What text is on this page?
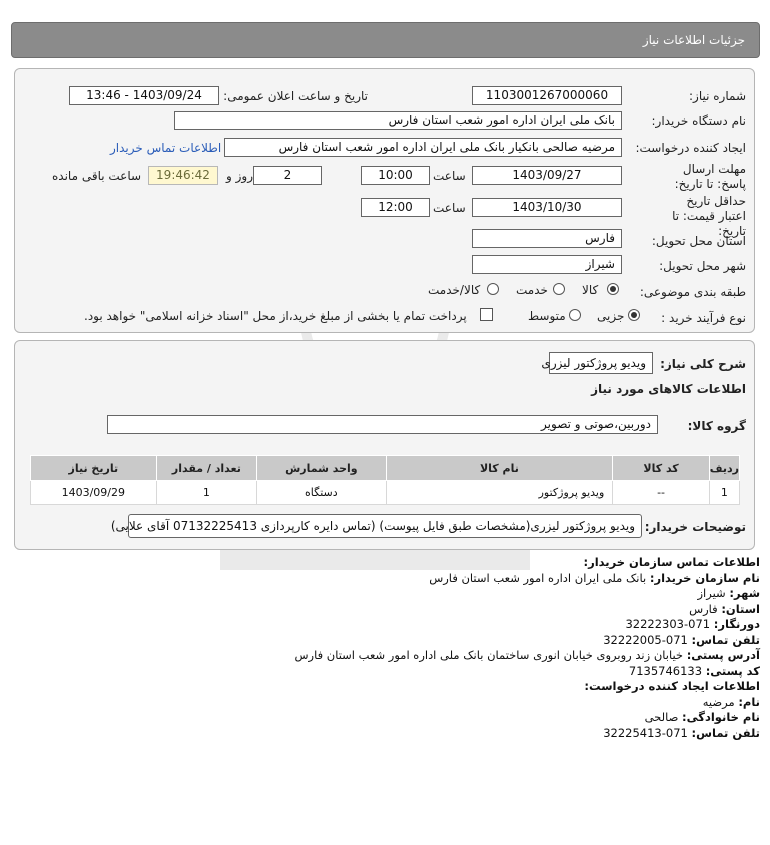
جزئیات اطلاعات نیاز
شماره نیاز:
1103001267000060
تاریخ و ساعت اعلان عمومی:
1403/09/24 - 13:46
نام دستگاه خریدار:
بانک ملی ایران اداره امور شعب استان فارس
ایجاد کننده درخواست:
مرضیه صالحی بانکیار بانک ملی ایران اداره امور شعب استان فارس
اطلاعات تماس خریدار
مهلت ارسال پاسخ: تا تاریخ:
1403/09/27
ساعت
10:00
2
روز و
19:46:42
ساعت باقی مانده
حداقل تاریخ اعتبار قیمت: تا تاریخ:
1403/10/30
ساعت
12:00
استان محل تحویل:
فارس
شهر محل تحویل:
شیراز
طبقه بندی موضوعی:
کالا
خدمت
کالا/خدمت
نوع فرآیند خرید :
جزیی
متوسط
پرداخت تمام یا بخشی از مبلغ خرید،از محل "اسناد خزانه اسلامی" خواهد بود.
شرح کلی نیاز:
ویدیو پروژکتور لیزری
اطلاعات کالاهای مورد نیاز
گروه کالا:
دوربین،صوتی و تصویر
ردیف	کد کالا	نام کالا	واحد شمارش	تعداد / مقدار	تاریخ نیاز
1	--	ویدیو پروژکتور	دستگاه	1	1403/09/29
توضیحات خریدار:
ویدیو پروژکتور لیزری(مشخصات طبق فایل پیوست) (تماس دایره کارپردازی 07132225413 آقای علایی)
اطلاعات تماس سازمان خریدار:
نام سازمان خریدار: بانک ملی ایران اداره امور شعب استان فارس
شهر: شیراز
استان: فارس
دورنگار: 071-32222303
تلفن تماس: 071-32222005
آدرس پستی: خیابان زند روبروی خیابان انوری ساختمان بانک ملی اداره امور شعب استان فارس
کد پستی: 7135746133
اطلاعات ایجاد کننده درخواست:
نام: مرضیه
نام خانوادگی: صالحی
تلفن تماس: 071-32225413
